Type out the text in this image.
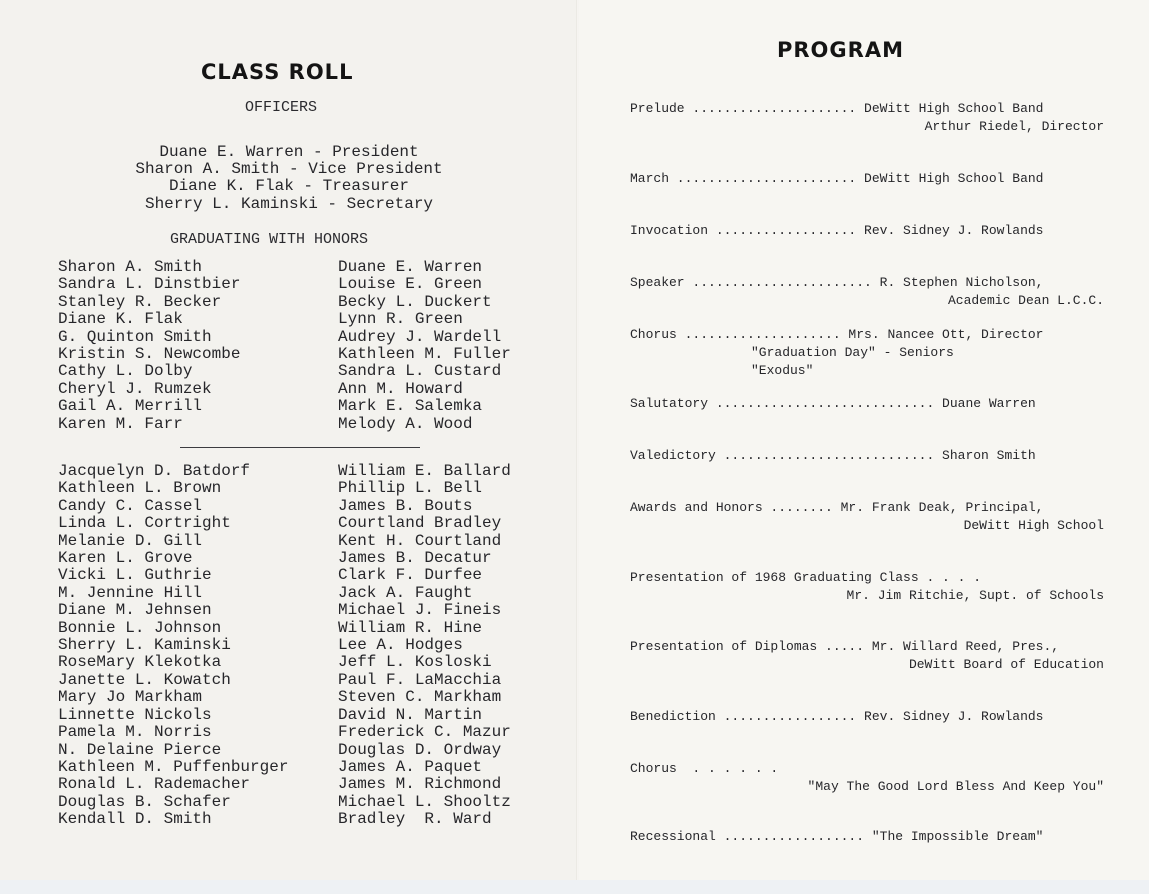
CLASS ROLL
OFFICERS
Duane E. Warren - President
Sharon A. Smith - Vice President
Diane K. Flak - Treasurer
Sherry L. Kaminski - Secretary
GRADUATING WITH HONORS
Sharon A. Smith
Sandra L. Dinstbier
Stanley R. Becker
Diane K. Flak
G. Quinton Smith
Kristin S. Newcombe
Cathy L. Dolby
Cheryl J. Rumzek
Gail A. Merrill
Karen M. Farr
Duane E. Warren
Louise E. Green
Becky L. Duckert
Lynn R. Green
Audrey J. Wardell
Kathleen M. Fuller
Sandra L. Custard
Ann M. Howard
Mark E. Salemka
Melody A. Wood
Jacquelyn D. Batdorf
Kathleen L. Brown
Candy C. Cassel
Linda L. Cortright
Melanie D. Gill
Karen L. Grove
Vicki L. Guthrie
M. Jennine Hill
Diane M. Jehnsen
Bonnie L. Johnson
Sherry L. Kaminski
RoseMary Klekotka
Janette L. Kowatch
Mary Jo Markham
Linnette Nickols
Pamela M. Norris
N. Delaine Pierce
Kathleen M. Puffenburger
Ronald L. Rademacher
Douglas B. Schafer
Kendall D. Smith
William E. Ballard
Phillip L. Bell
James B. Bouts
Courtland Bradley
Kent H. Courtland
James B. Decatur
Clark F. Durfee
Jack A. Faught
Michael J. Fineis
William R. Hine
Lee A. Hodges
Jeff L. Kosloski
Paul F. LaMacchia
Steven C. Markham
David N. Martin
Frederick C. Mazur
Douglas D. Ordway
James A. Paquet
James M. Richmond
Michael L. Shooltz
Bradley  R. Ward
PROGRAM
Prelude ..................... DeWitt High School Band
Arthur Riedel, Director
March ....................... DeWitt High School Band
Invocation .................. Rev. Sidney J. Rowlands
Speaker ....................... R. Stephen Nicholson,
Academic Dean L.C.C.
Chorus .................... Mrs. Nancee Ott, Director
"Graduation Day" - Seniors
"Exodus"
Salutatory ............................ Duane Warren
Valedictory ........................... Sharon Smith
Awards and Honors ........ Mr. Frank Deak, Principal,
DeWitt High School
Presentation of 1968 Graduating Class . . . .
Mr. Jim Ritchie, Supt. of Schools
Presentation of Diplomas ..... Mr. Willard Reed, Pres.,
DeWitt Board of Education
Benediction ................. Rev. Sidney J. Rowlands
Chorus  . . . . . .
"May The Good Lord Bless And Keep You"
Recessional .................. "The Impossible Dream"
